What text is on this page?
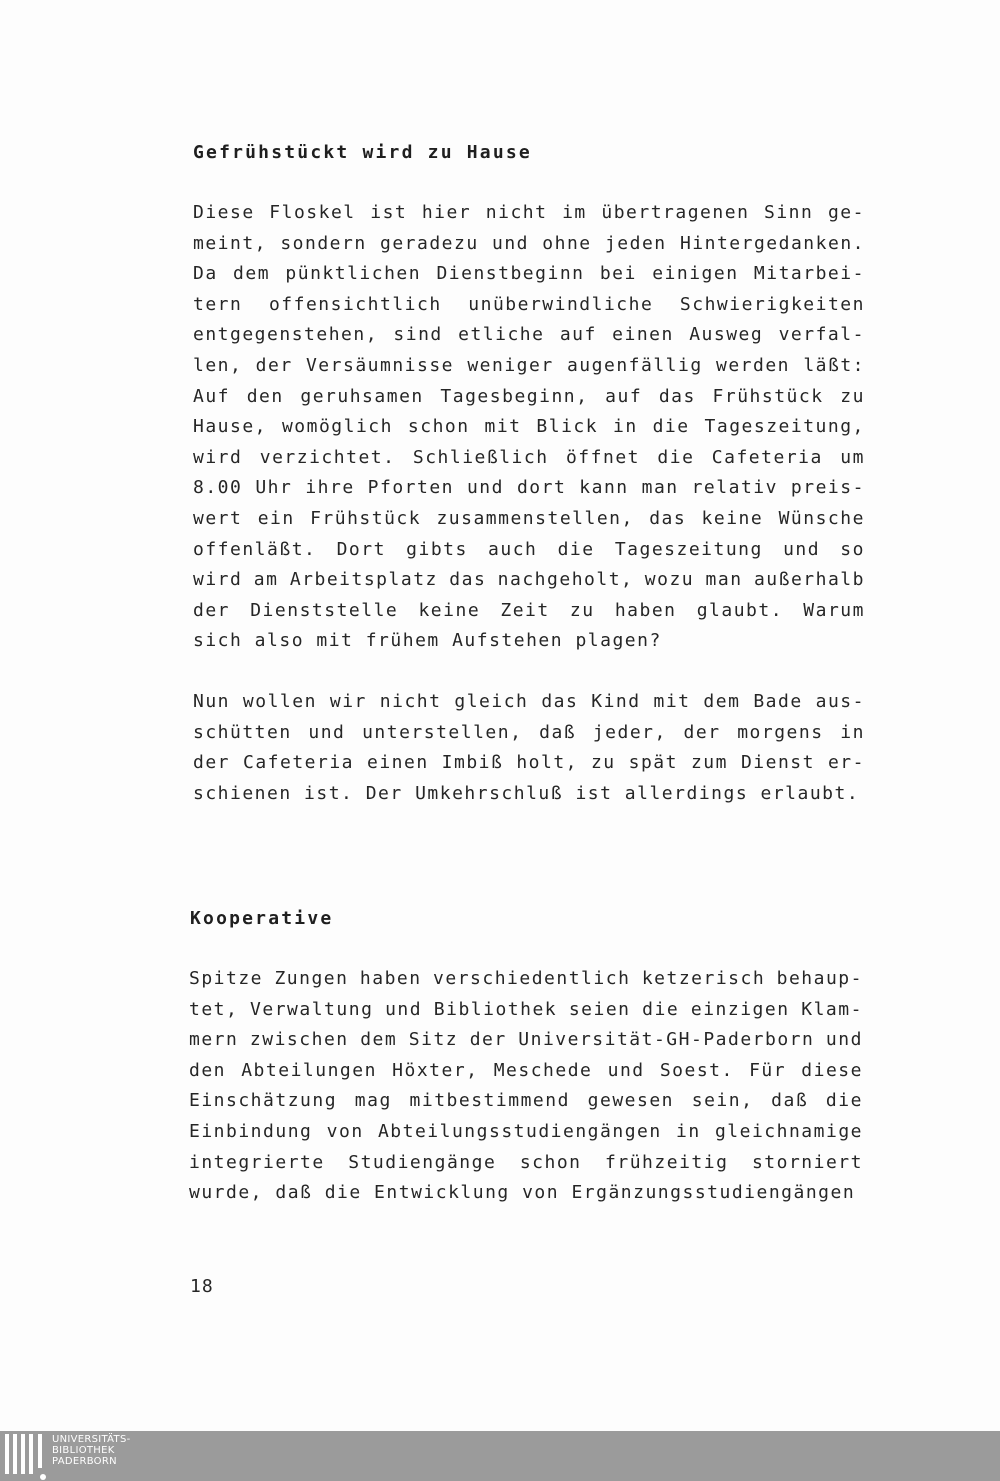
Gefrühstückt wird zu Hause
Diese Floskel ist hier nicht im übertragenen Sinn ge-
meint, sondern geradezu und ohne jeden Hintergedanken.
Da dem pünktlichen Dienstbeginn bei einigen Mitarbei-
tern offensichtlich unüberwindliche Schwierigkeiten
entgegenstehen, sind etliche auf einen Ausweg verfal-
len, der Versäumnisse weniger augenfällig werden läßt:
Auf den geruhsamen Tagesbeginn, auf das Frühstück zu
Hause, womöglich schon mit Blick in die Tageszeitung,
wird verzichtet. Schließlich öffnet die Cafeteria um
8.00 Uhr ihre Pforten und dort kann man relativ preis-
wert ein Frühstück zusammenstellen, das keine Wünsche
offenläßt. Dort gibts auch die Tageszeitung und so
wird am Arbeitsplatz das nachgeholt, wozu man außerhalb
der Dienststelle keine Zeit zu haben glaubt. Warum
sich also mit frühem Aufstehen plagen?
Nun wollen wir nicht gleich das Kind mit dem Bade aus-
schütten und unterstellen, daß jeder, der morgens in
der Cafeteria einen Imbiß holt, zu spät zum Dienst er-
schienen ist. Der Umkehrschluß ist allerdings erlaubt.
Kooperative
Spitze Zungen haben verschiedentlich ketzerisch behaup-
tet, Verwaltung und Bibliothek seien die einzigen Klam-
mern zwischen dem Sitz der Universität-GH-Paderborn und
den Abteilungen Höxter, Meschede und Soest. Für diese
Einschätzung mag mitbestimmend gewesen sein, daß die
Einbindung von Abteilungsstudiengängen in gleichnamige
integrierte Studiengänge schon frühzeitig storniert
wurde, daß die Entwicklung von Ergänzungsstudiengängen
18
UNIVERSITÄTS-
BIBLIOTHEK
PADERBORN
